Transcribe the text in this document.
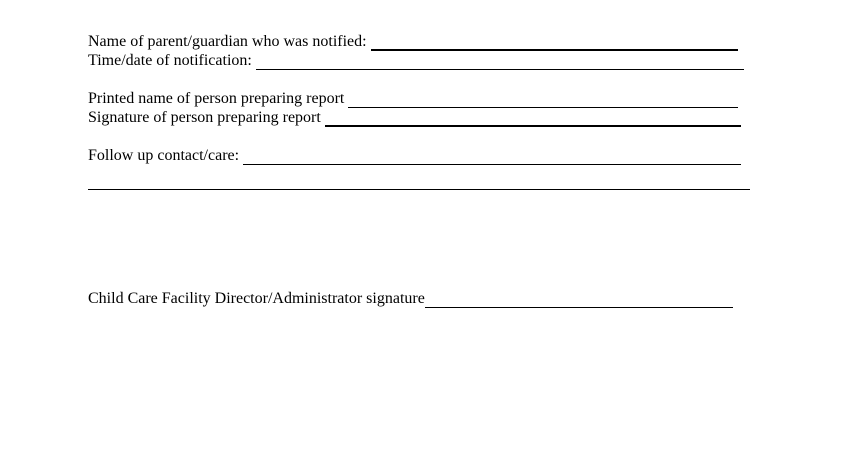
Name of parent/guardian who was notified:
Time/date of notification:
Printed name of person preparing report
Signature of person preparing report
Follow up contact/care:
Child Care Facility Director/Administrator signature
